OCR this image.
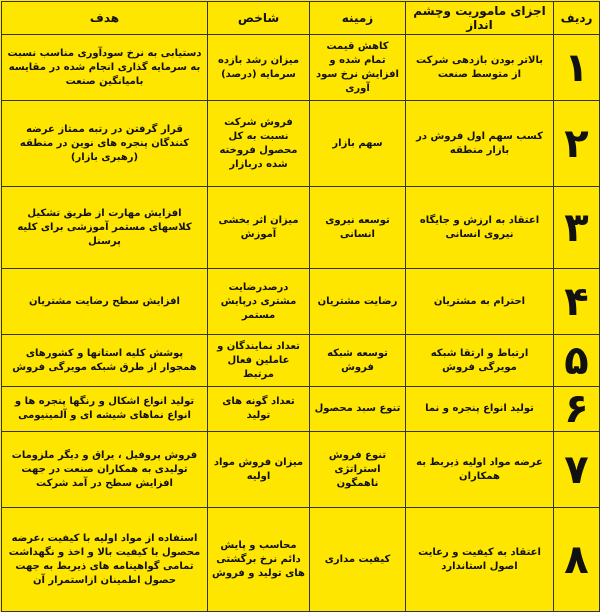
ردیف	اجزای ماموریت وچشم انداز	زمینه	شاخص	هدف
۱	بالاتر بودن بازدهی شرکت از متوسط صنعت	کاهش قیمت تمام شده و افزایش نرخ سود آوری	میزان رشد بازده سرمایه (درصد)	دستیابی به نرخ سودآوری مناسب نسبت به سرمایه گذاری انجام شده در مقایسه بامیانگین صنعت
۲	کسب سهم اول فروش در بازار منطقه	سهم بازار	فروش شرکت نسبت به کل محصول فروخته شده دربازار	قرار گرفتن در رتبه ممتاز عرضه کنندگان پنجره های نوین در منطقه (رهبری بازار)
۳	اعتقاد به ارزش و جایگاه نیروی انسانی	توسعه نیروی انسانی	میزان اثر بخشی آموزش	افزایش مهارت از طریق تشکیل کلاسهای مستمر آموزشی برای کلیه پرسنل
۴	احترام به مشتریان	رضایت مشتریان	درصدرضایت مشتری درپایش مستمر	افزایش سطح رضایت مشتریان
۵	ارتباط و ارتقا شبکه مویرگی فروش	توسعه شبکه فروش	تعداد نمایندگان و عاملین فعال مرتبط	پوشش کلیه استانها و کشورهای همجوار از طرق شبکه مویرگی فروش
۶	تولید انواع پنجره و نما	تنوع سبد محصول	تعداد گونه های تولید	تولید انواع اشکال و رنگها پنجره ها و انواع نماهای شیشه ای و آلمینیومی
۷	عرضه مواد اولیه ذیربط به همکاران	تنوع فروش استراتژی ناهمگون	میزان فروش مواد اولیه	فروش پروفیل ، یراق و دیگر ملزومات تولیدی به همکاران صنعت در جهت افزایش سطح در آمد شرکت
۸	اعتقاد به کیفیت و رعایت اصول استاندارد	کیفیت مداری	محاسب و پایش دائم نرخ برگشتی های تولید و فروش	استفاده از مواد اولیه با کیفیت ،عرضه محصول با کیفیت بالا و اخذ و نگهداشت تمامی گواهینامه های ذیربط به جهت حصول اطمینان ازاستمرار آن
